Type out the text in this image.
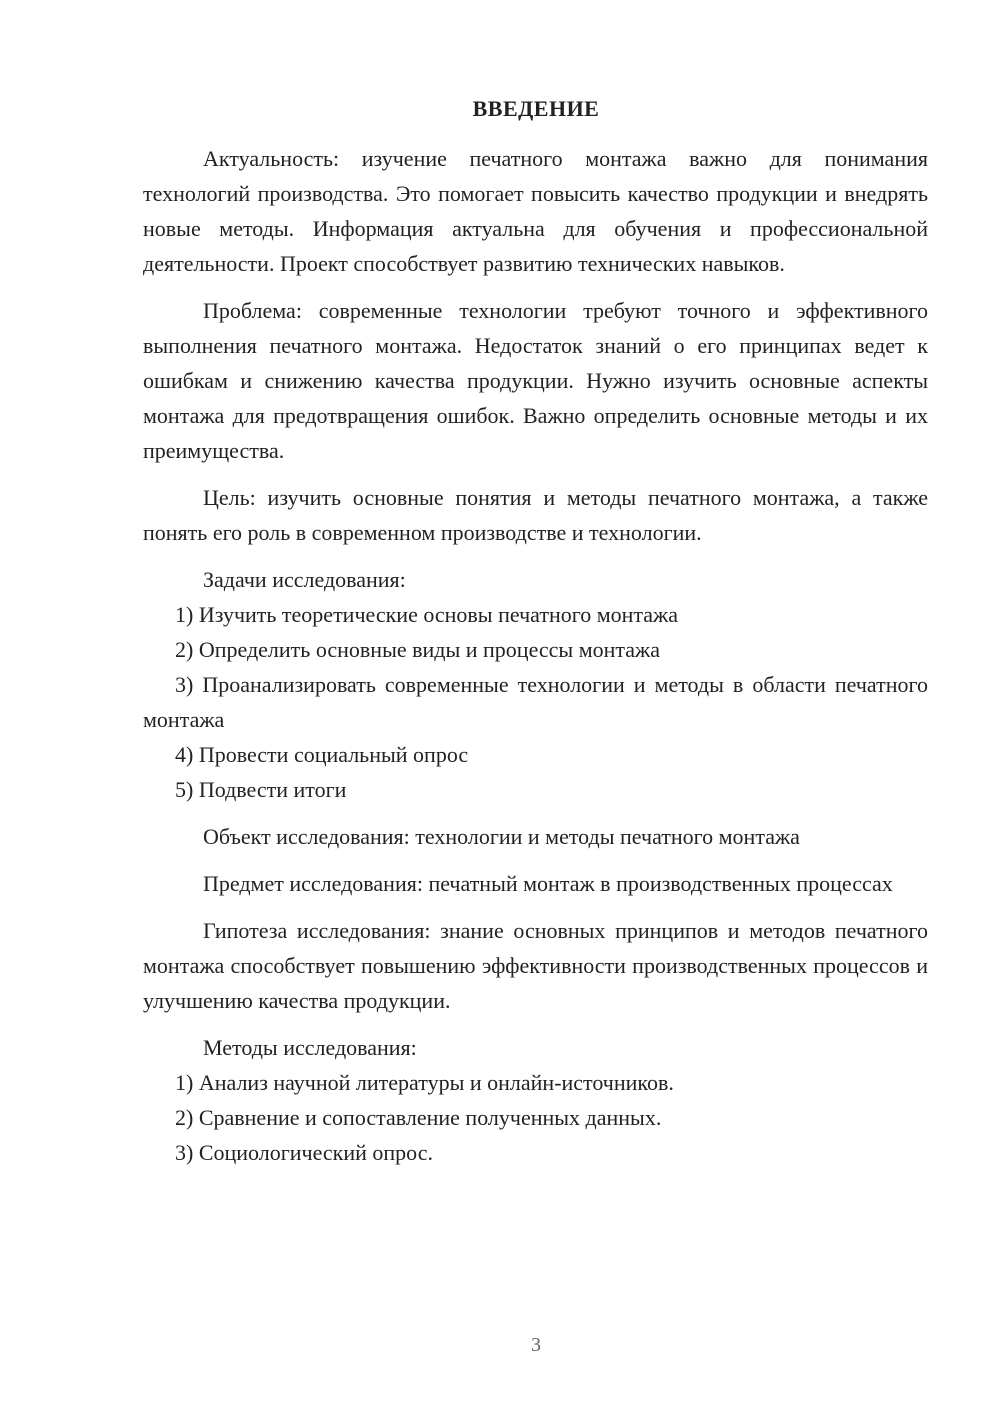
ВВЕДЕНИЕ

Актуальность: изучение печатного монтажа важно для понимания технологий производства. Это помогает повысить качество продукции и внедрять новые методы. Информация актуальна для обучения и профессиональной деятельности. Проект способствует развитию технических навыков.

Проблема: современные технологии требуют точного и эффективного выполнения печатного монтажа. Недостаток знаний о его принципах ведет к ошибкам и снижению качества продукции. Нужно изучить основные аспекты монтажа для предотвращения ошибок. Важно определить основные методы и их преимущества.

Цель: изучить основные понятия и методы печатного монтажа, а также понять его роль в современном производстве и технологии.

Задачи исследования:

1) Изучить теоретические основы печатного монтажа

2) Определить основные виды и процессы монтажа

3) Проанализировать современные технологии и методы в области печатного монтажа

4) Провести социальный опрос

5) Подвести итоги

Объект исследования: технологии и методы печатного монтажа

Предмет исследования: печатный монтаж в производственных процессах

Гипотеза исследования: знание основных принципов и методов печатного монтажа способствует повышению эффективности производственных процессов и улучшению качества продукции.

Методы исследования:

1) Анализ научной литературы и онлайн-источников.

2) Сравнение и сопоставление полученных данных.

3) Социологический опрос.

3
